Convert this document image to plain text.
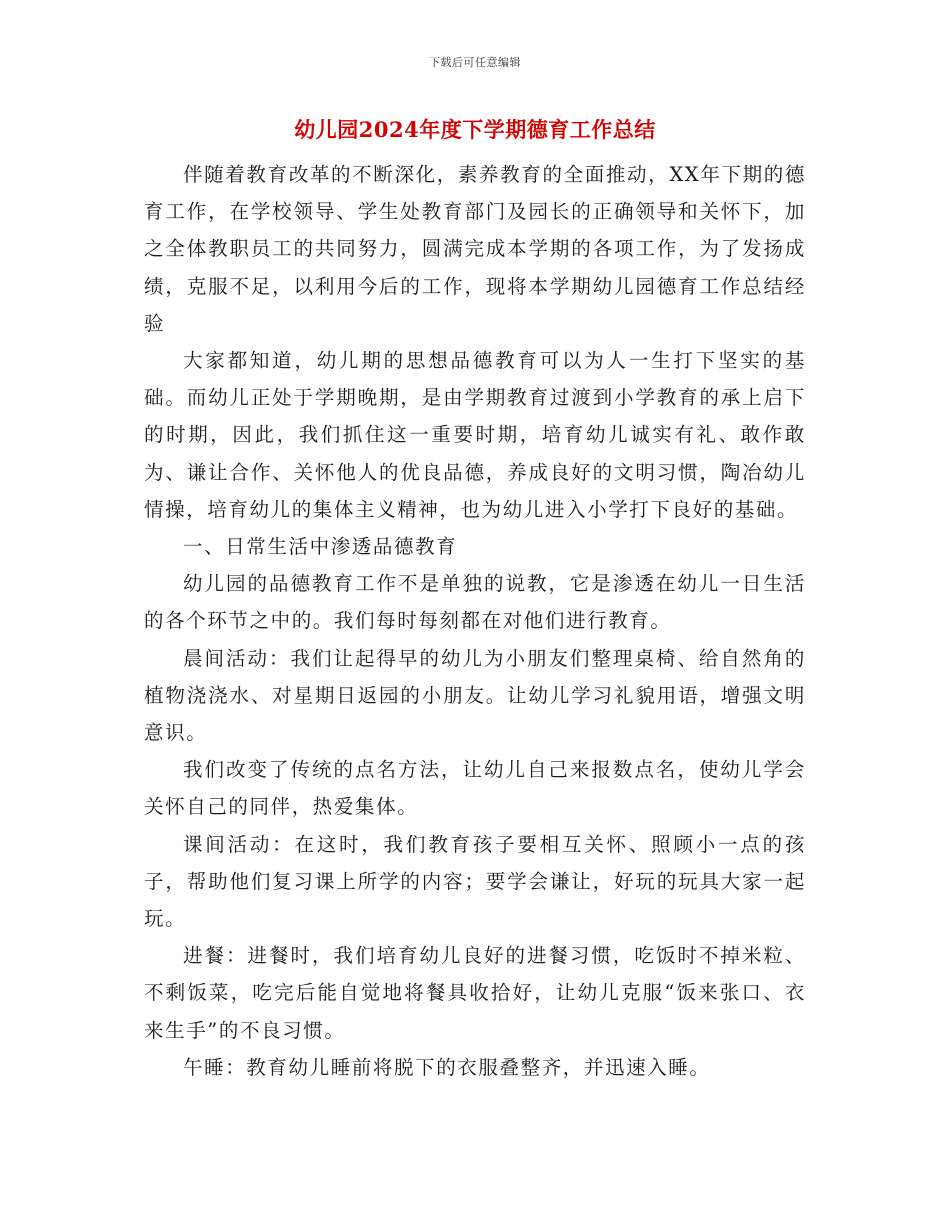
下载后可任意编辑
幼儿园2024年度下学期德育工作总结

伴随着教育改革的不断深化，素养教育的全面推动，XX年下期的德育工作，在学校领导、学生处教育部门及园长的正确领导和关怀下，加之全体教职员工的共同努力，圆满完成本学期的各项工作，为了发扬成绩，克服不足，以利用今后的工作，现将本学期幼儿园德育工作总结经验

大家都知道，幼儿期的思想品德教育可以为人一生打下坚实的基础。而幼儿正处于学期晚期，是由学期教育过渡到小学教育的承上启下的时期，因此，我们抓住这一重要时期，培育幼儿诚实有礼、敢作敢为、谦让合作、关怀他人的优良品德，养成良好的文明习惯，陶冶幼儿情操，培育幼儿的集体主义精神，也为幼儿进入小学打下良好的基础。

一、日常生活中渗透品德教育

幼儿园的品德教育工作不是单独的说教，它是渗透在幼儿一日生活的各个环节之中的。我们每时每刻都在对他们进行教育。

晨间活动：我们让起得早的幼儿为小朋友们整理桌椅、给自然角的植物浇浇水、对星期日返园的小朋友。让幼儿学习礼貌用语，增强文明意识。

我们改变了传统的点名方法，让幼儿自己来报数点名，使幼儿学会关怀自己的同伴，热爱集体。

课间活动：在这时，我们教育孩子要相互关怀、照顾小一点的孩子，帮助他们复习课上所学的内容；要学会谦让，好玩的玩具大家一起玩。

进餐：进餐时，我们培育幼儿良好的进餐习惯，吃饭时不掉米粒、不剩饭菜，吃完后能自觉地将餐具收拾好，让幼儿克服“饭来张口、衣来生手”的不良习惯。

午睡：教育幼儿睡前将脱下的衣服叠整齐，并迅速入睡。
